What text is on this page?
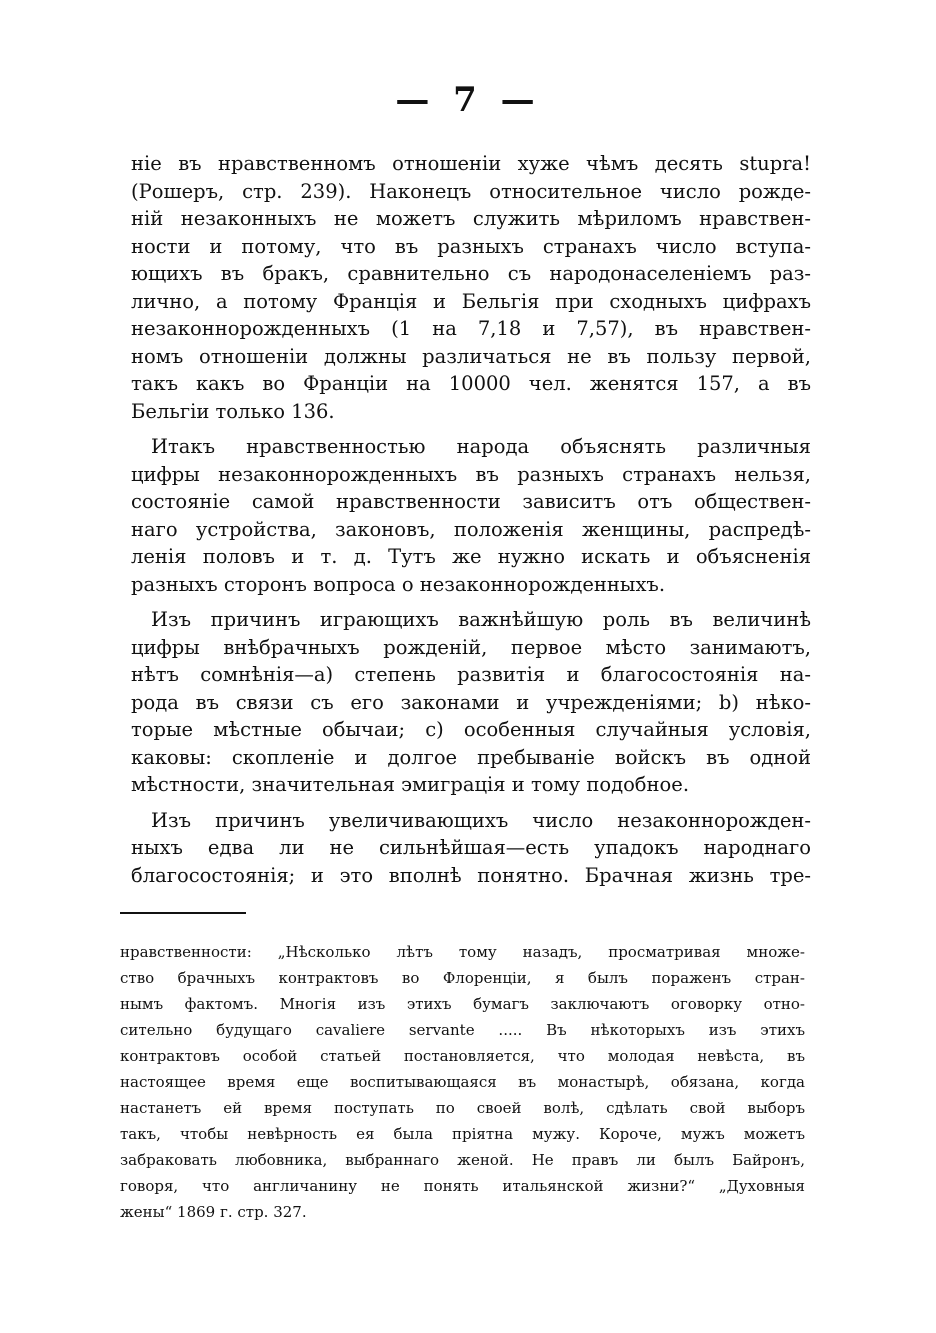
— 7 —
ніе въ нравственномъ отношеніи хуже чѣмъ десять stupra!
(Рошеръ, стр. 239). Наконецъ относительное число рожде-
ній незаконныхъ не можетъ служить мѣриломъ нравствен-
ности и потому, что въ разныхъ странахъ число вступа-
ющихъ въ бракъ, сравнительно съ народонаселеніемъ раз-
лично, а потому Франція и Бельгія при сходныхъ цифрахъ
незаконнорожденныхъ (1 на 7,18 и 7,57), въ нравствен-
номъ отношеніи должны различаться не въ пользу первой,
такъ какъ во Франціи на 10000 чел. женятся 157, а въ
Бельгіи только 136.
Итакъ нравственностью народа объяснять различныя
цифры незаконнорожденныхъ въ разныхъ странахъ нельзя,
состояніе самой нравственности зависитъ отъ обществен-
наго устройства, законовъ, положенія женщины, распредѣ-
ленія половъ и т. д. Тутъ же нужно искать и объясненія
разныхъ сторонъ вопроса о незаконнорожденныхъ.
Изъ причинъ играющихъ важнѣйшую роль въ величинѣ
цифры внѣбрачныхъ рожденій, первое мѣсто занимаютъ,
нѣтъ сомнѣнія—а) степень развитія и благосостоянія на-
рода въ связи съ его законами и учрежденіями; b) нѣко-
торые мѣстные обычаи; с) особенныя случайныя условія,
каковы: скопленіе и долгое пребываніе войскъ въ одной
мѣстности, значительная эмиграція и тому подобное.
Изъ причинъ увеличивающихъ число незаконнорожден-
ныхъ едва ли не сильнѣйшая—есть упадокъ народнаго
благосостоянія; и это вполнѣ понятно. Брачная жизнь тре-
нравственности: „Нѣсколько лѣтъ тому назадъ, просматривая множе-
ство брачныхъ контрактовъ во Флоренціи, я былъ пораженъ стран-
нымъ фактомъ. Многія изъ этихъ бумагъ заключаютъ оговорку отно-
сительно будущаго cavaliere servante ..... Въ нѣкоторыхъ изъ этихъ
контрактовъ особой статьей постановляется, что молодая невѣста, въ
настоящее время еще воспитывающаяся въ монастырѣ, обязана, когда
настанетъ ей время поступать по своей волѣ, сдѣлать свой выборъ
такъ, чтобы невѣрность ея была пріятна мужу. Короче, мужъ можетъ
забраковать любовника, выбраннаго женой. Не правъ ли былъ Байронъ,
говоря, что англичанину не понять итальянской жизни?“ „Духовныя
жены“ 1869 г. стр. 327.
